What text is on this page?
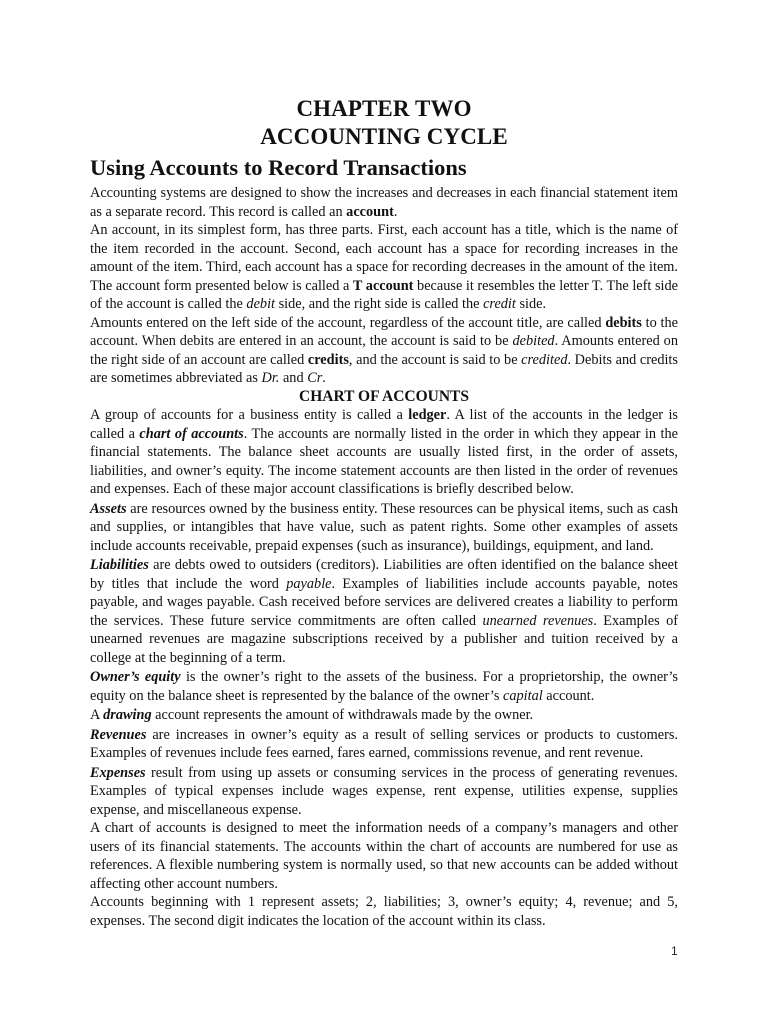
CHAPTER TWO
ACCOUNTING CYCLE
Using Accounts to Record Transactions

Accounting systems are designed to show the increases and decreases in each financial statement item as a separate record. This record is called an account.

An account, in its simplest form, has three parts. First, each account has a title, which is the name of the item recorded in the account. Second, each account has a space for recording increases in the amount of the item. Third, each account has a space for recording decreases in the amount of the item. The account form presented below is called a T account because it resembles the letter T. The left side of the account is called the debit side, and the right side is called the credit side.

Amounts entered on the left side of the account, regardless of the account title, are called debits to the account. When debits are entered in an account, the account is said to be debited. Amounts entered on the right side of an account are called credits, and the account is said to be credited. Debits and credits are sometimes abbreviated as Dr. and Cr.

CHART OF ACCOUNTS

A group of accounts for a business entity is called a ledger. A list of the accounts in the ledger is called a chart of accounts. The accounts are normally listed in the order in which they appear in the financial statements. The balance sheet accounts are usually listed first, in the order of assets, liabilities, and owner’s equity. The income statement accounts are then listed in the order of revenues and expenses. Each of these major account classifications is briefly described below.

Assets are resources owned by the business entity. These resources can be physical items, such as cash and supplies, or intangibles that have value, such as patent rights. Some other examples of assets include accounts receivable, prepaid expenses (such as insurance), buildings, equipment, and land.

Liabilities are debts owed to outsiders (creditors). Liabilities are often identified on the balance sheet by titles that include the word payable. Examples of liabilities include accounts payable, notes payable, and wages payable. Cash received before services are delivered creates a liability to perform the services. These future service commitments are often called unearned revenues. Examples of unearned revenues are magazine subscriptions received by a publisher and tuition received by a college at the beginning of a term.

Owner’s equity is the owner’s right to the assets of the business. For a proprietorship, the owner’s equity on the balance sheet is represented by the balance of the owner’s capital account.

A drawing account represents the amount of withdrawals made by the owner.

Revenues are increases in owner’s equity as a result of selling services or products to customers. Examples of revenues include fees earned, fares earned, commissions revenue, and rent revenue.

Expenses result from using up assets or consuming services in the process of generating revenues. Examples of typical expenses include wages expense, rent expense, utilities expense, supplies expense, and miscellaneous expense.

A chart of accounts is designed to meet the information needs of a company’s managers and other users of its financial statements. The accounts within the chart of accounts are numbered for use as references. A flexible numbering system is normally used, so that new accounts can be added without affecting other account numbers.

Accounts beginning with 1 represent assets; 2, liabilities; 3, owner’s equity; 4, revenue; and 5, expenses. The second digit indicates the location of the account within its class.

1
